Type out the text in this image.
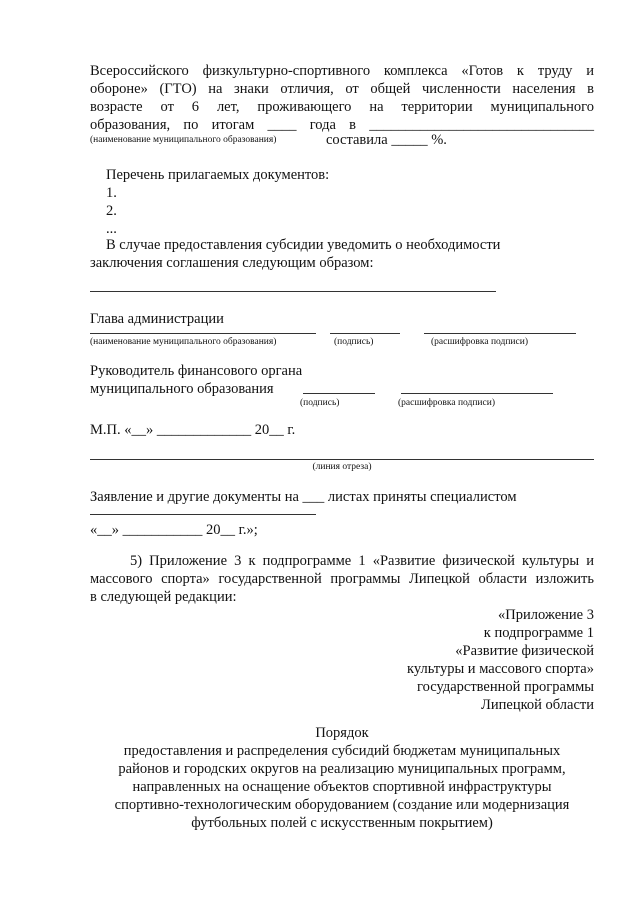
Всероссийского физкультурно-спортивного комплекса «Готов к труду и
обороне» (ГТО) на знаки отличия, от общей численности населения в
возрасте от 6 лет, проживающего на территории муниципального
образования, по итогам ____ года в _______________________________
(наименование муниципального образования)	составила _____ %.
Перечень прилагаемых документов:
1.
2.
...
В случае предоставления субсидии уведомить о необходимости
заключения соглашения следующим образом:
Глава администрации
(наименование муниципального образования)	(подпись)	(расшифровка подписи)
Руководитель финансового органа
муниципального образования
(подпись)	(расшифровка подписи)
М.П. «__» _____________ 20__ г.
(линия отреза)
Заявление и другие документы на ___ листах приняты специалистом
«__» ___________ 20__ г.»;
5) Приложение 3 к подпрограмме 1 «Развитие физической культуры и
массового спорта» государственной программы Липецкой области изложить
в следующей редакции:
«Приложение 3
к подпрограмме 1
«Развитие физической
культуры и массового спорта»
государственной программы
Липецкой области
Порядок
предоставления и распределения субсидий бюджетам муниципальных
районов и городских округов на реализацию муниципальных программ,
направленных на оснащение объектов спортивной инфраструктуры
спортивно-технологическим оборудованием (создание или модернизация
футбольных полей с искусственным покрытием)
